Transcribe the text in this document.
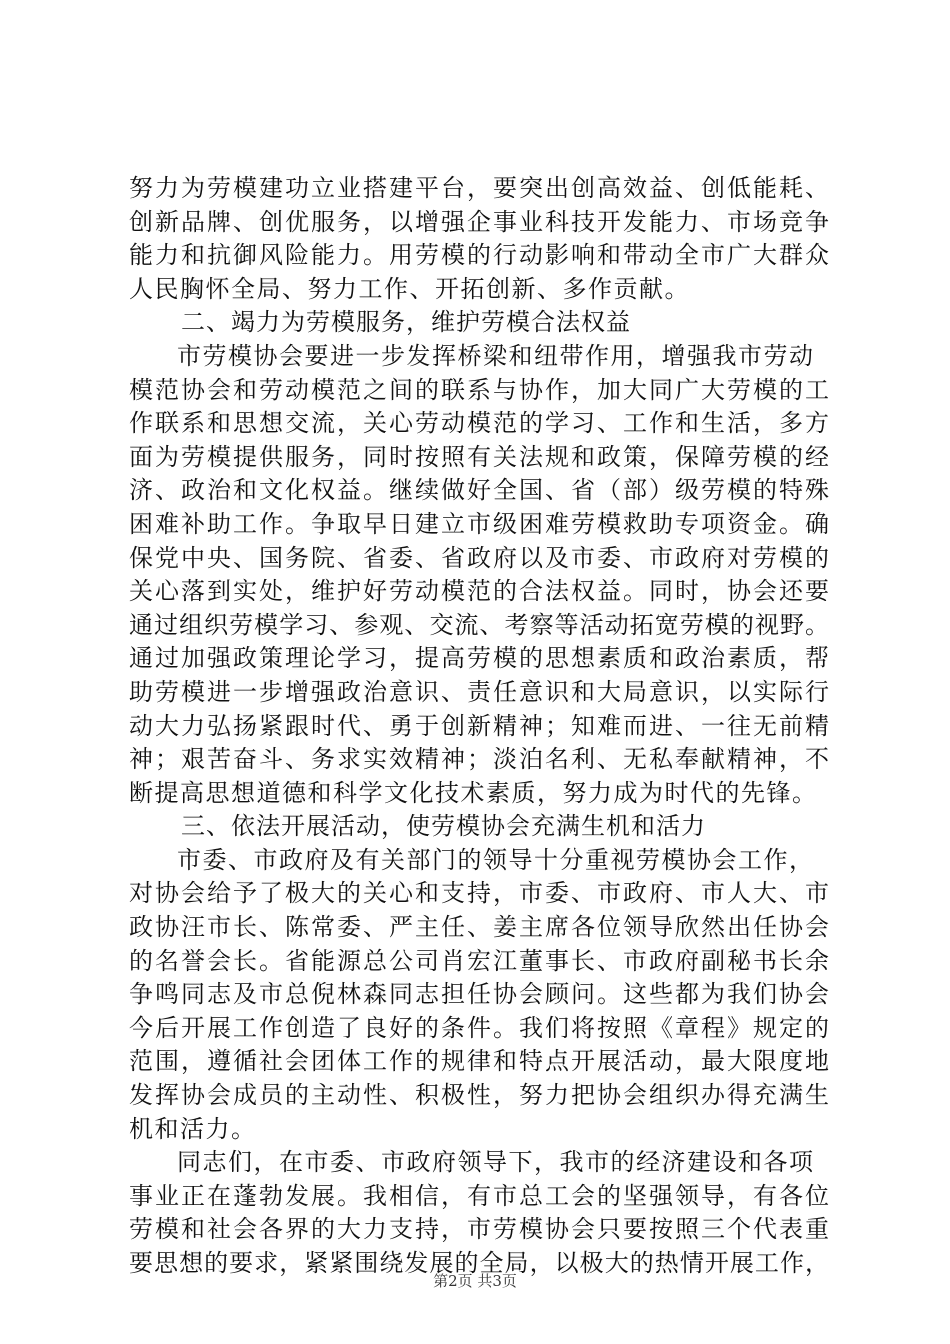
努力为劳模建功立业搭建平台，要突出创高效益、创低能耗、
创新品牌、创优服务，以增强企事业科技开发能力、市场竞争
能力和抗御风险能力。用劳模的行动影响和带动全市广大群众
人民胸怀全局、努力工作、开拓创新、多作贡献。
二、竭力为劳模服务，维护劳模合法权益
市劳模协会要进一步发挥桥梁和纽带作用，增强我市劳动
模范协会和劳动模范之间的联系与协作，加大同广大劳模的工
作联系和思想交流，关心劳动模范的学习、工作和生活，多方
面为劳模提供服务，同时按照有关法规和政策，保障劳模的经
济、政治和文化权益。继续做好全国、省（部）级劳模的特殊
困难补助工作。争取早日建立市级困难劳模救助专项资金。确
保党中央、国务院、省委、省政府以及市委、市政府对劳模的
关心落到实处，维护好劳动模范的合法权益。同时，协会还要
通过组织劳模学习、参观、交流、考察等活动拓宽劳模的视野。
通过加强政策理论学习，提高劳模的思想素质和政治素质，帮
助劳模进一步增强政治意识、责任意识和大局意识，以实际行
动大力弘扬紧跟时代、勇于创新精神；知难而进、一往无前精
神；艰苦奋斗、务求实效精神；淡泊名利、无私奉献精神，不
断提高思想道德和科学文化技术素质，努力成为时代的先锋。
三、依法开展活动，使劳模协会充满生机和活力
市委、市政府及有关部门的领导十分重视劳模协会工作，
对协会给予了极大的关心和支持，市委、市政府、市人大、市
政协汪市长、陈常委、严主任、姜主席各位领导欣然出任协会
的名誉会长。省能源总公司肖宏江董事长、市政府副秘书长余
争鸣同志及市总倪林森同志担任协会顾问。这些都为我们协会
今后开展工作创造了良好的条件。我们将按照《章程》规定的
范围，遵循社会团体工作的规律和特点开展活动，最大限度地
发挥协会成员的主动性、积极性，努力把协会组织办得充满生
机和活力。
同志们，在市委、市政府领导下，我市的经济建设和各项
事业正在蓬勃发展。我相信，有市总工会的坚强领导，有各位
劳模和社会各界的大力支持，市劳模协会只要按照三个代表重
要思想的要求，紧紧围绕发展的全局，以极大的热情开展工作，
第2页 共3页
